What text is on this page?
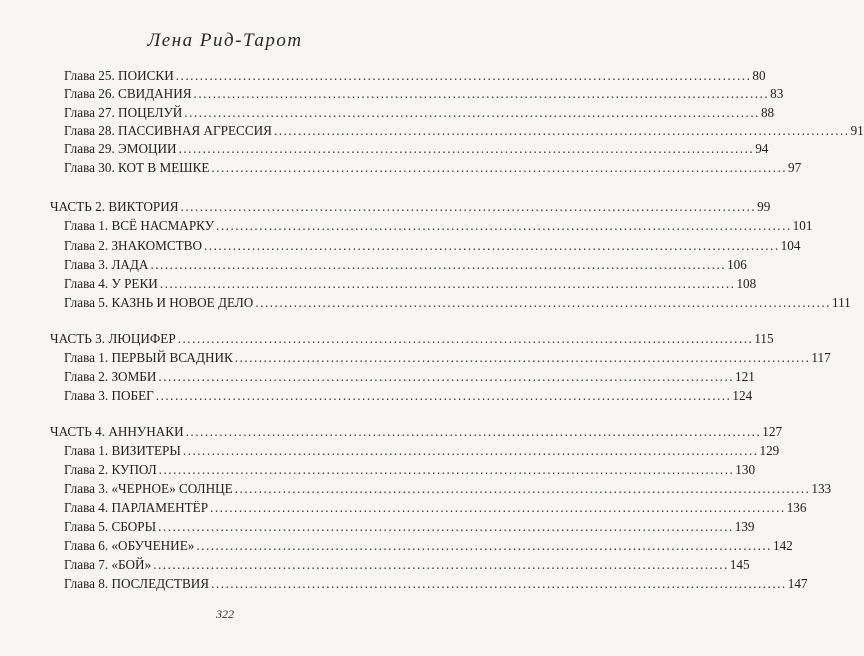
Лена Рид-Тарот
Глава 25. ПОИСКИ ........................................................................................................................ 80
Глава 26. СВИДАНИЯ ........................................................................................................................ 83
Глава 27. ПОЦЕЛУЙ ........................................................................................................................ 88
Глава 28. ПАССИВНАЯ АГРЕССИЯ ........................................................................................................................ 91
Глава 29. ЭМОЦИИ ........................................................................................................................ 94
Глава 30. КОТ В МЕШКЕ ........................................................................................................................ 97
ЧАСТЬ 2. ВИКТОРИЯ ........................................................................................................................ 99
Глава 1. ВСЁ НАСМАРКУ ........................................................................................................................ 101
Глава 2. ЗНАКОМСТВО ........................................................................................................................ 104
Глава 3. ЛАДА ........................................................................................................................ 106
Глава 4. У РЕКИ ........................................................................................................................ 108
Глава 5. КАЗНЬ И НОВОЕ ДЕЛО ........................................................................................................................ 111
ЧАСТЬ 3. ЛЮЦИФЕР ........................................................................................................................ 115
Глава 1. ПЕРВЫЙ ВСАДНИК ........................................................................................................................ 117
Глава 2. ЗОМБИ ........................................................................................................................ 121
Глава 3. ПОБЕГ ........................................................................................................................ 124
ЧАСТЬ 4. АННУНАКИ ........................................................................................................................ 127
Глава 1. ВИЗИТЕРЫ ........................................................................................................................ 129
Глава 2. КУПОЛ ........................................................................................................................ 130
Глава 3. «ЧЕРНОЕ» СОЛНЦЕ ........................................................................................................................ 133
Глава 4. ПАРЛАМЕНТЁР ........................................................................................................................ 136
Глава 5. СБОРЫ ........................................................................................................................ 139
Глава 6. «ОБУЧЕНИЕ» ........................................................................................................................ 142
Глава 7. «БОЙ» ........................................................................................................................ 145
Глава 8. ПОСЛЕДСТВИЯ ........................................................................................................................ 147
322
